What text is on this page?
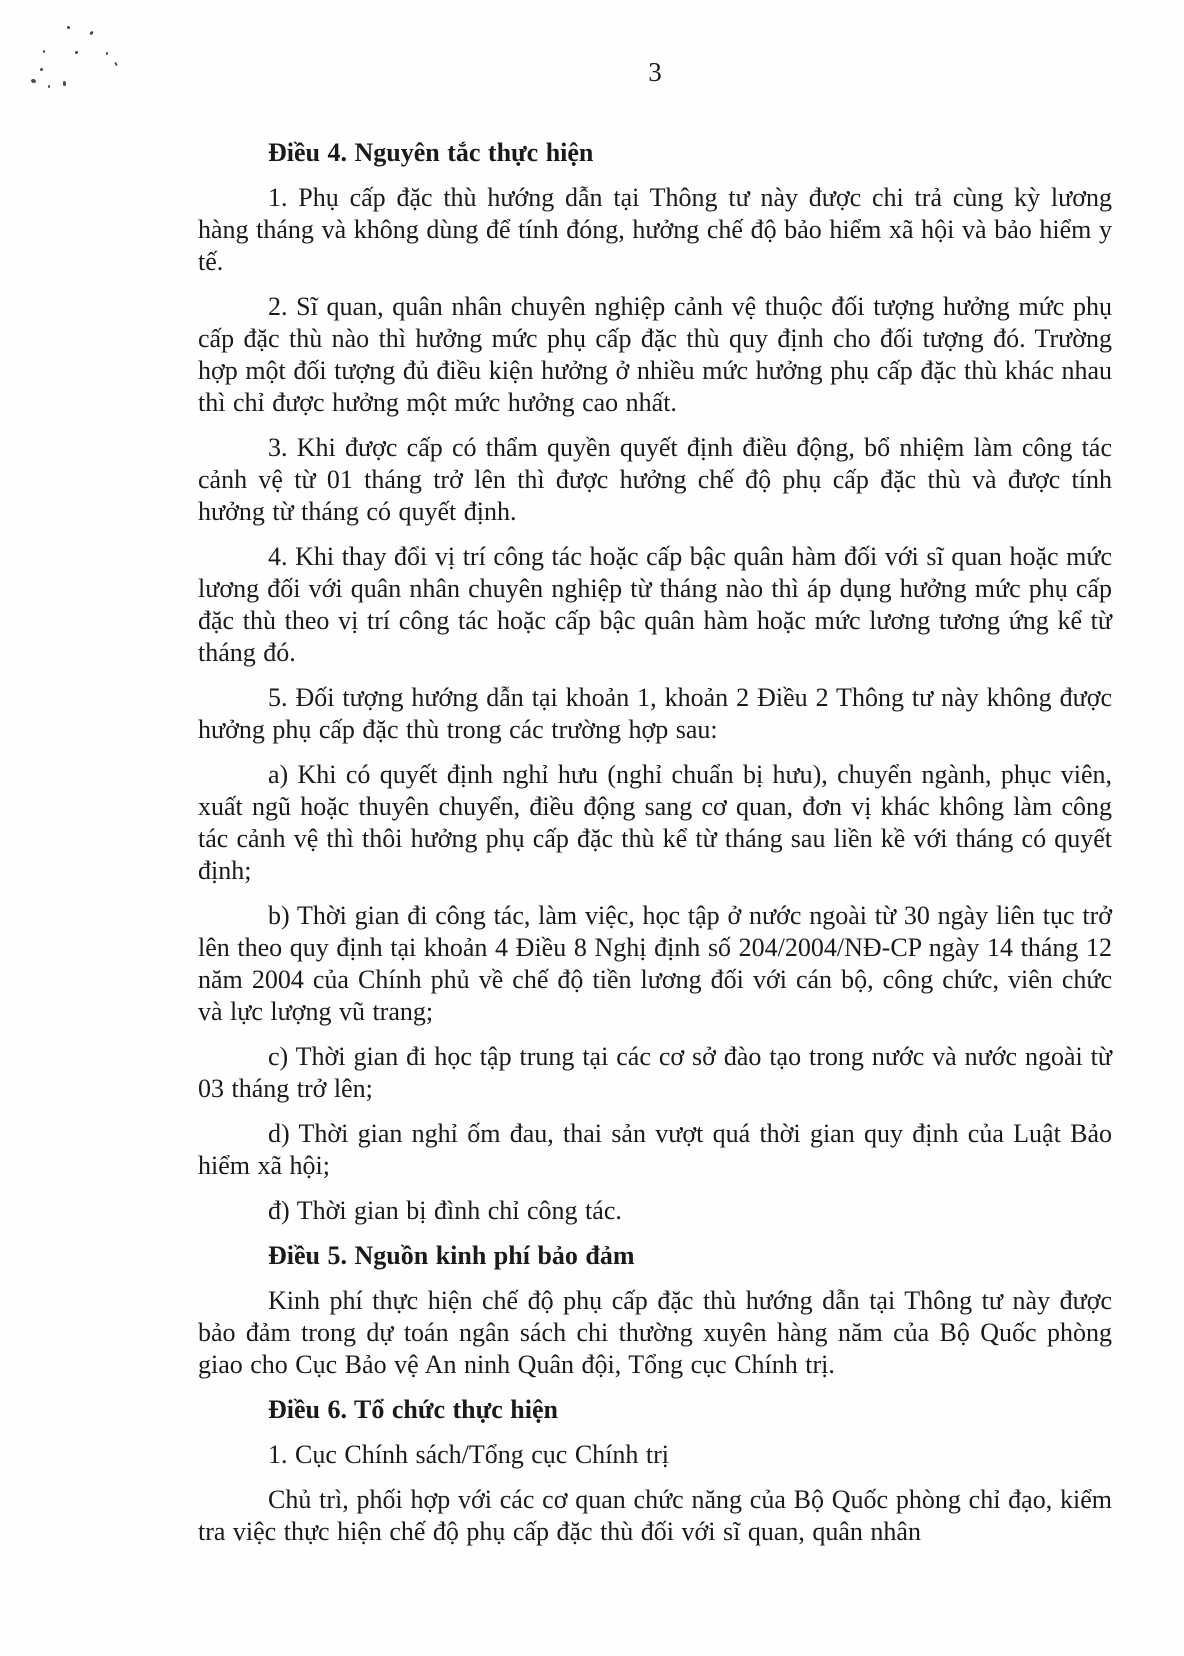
3
Điều 4. Nguyên tắc thực hiện

1. Phụ cấp đặc thù hướng dẫn tại Thông tư này được chi trả cùng kỳ lương hàng tháng và không dùng để tính đóng, hưởng chế độ bảo hiểm xã hội và bảo hiểm y tế.

2. Sĩ quan, quân nhân chuyên nghiệp cảnh vệ thuộc đối tượng hưởng mức phụ cấp đặc thù nào thì hưởng mức phụ cấp đặc thù quy định cho đối tượng đó. Trường hợp một đối tượng đủ điều kiện hưởng ở nhiều mức hưởng phụ cấp đặc thù khác nhau thì chỉ được hưởng một mức hưởng cao nhất.

3. Khi được cấp có thẩm quyền quyết định điều động, bổ nhiệm làm công tác cảnh vệ từ 01 tháng trở lên thì được hưởng chế độ phụ cấp đặc thù và được tính hưởng từ tháng có quyết định.

4. Khi thay đổi vị trí công tác hoặc cấp bậc quân hàm đối với sĩ quan hoặc mức lương đối với quân nhân chuyên nghiệp từ tháng nào thì áp dụng hưởng mức phụ cấp đặc thù theo vị trí công tác hoặc cấp bậc quân hàm hoặc mức lương tương ứng kể từ tháng đó.

5. Đối tượng hướng dẫn tại khoản 1, khoản 2 Điều 2 Thông tư này không được hưởng phụ cấp đặc thù trong các trường hợp sau:

a) Khi có quyết định nghỉ hưu (nghỉ chuẩn bị hưu), chuyển ngành, phục viên, xuất ngũ hoặc thuyên chuyển, điều động sang cơ quan, đơn vị khác không làm công tác cảnh vệ thì thôi hưởng phụ cấp đặc thù kể từ tháng sau liền kề với tháng có quyết định;

b) Thời gian đi công tác, làm việc, học tập ở nước ngoài từ 30 ngày liên tục trở lên theo quy định tại khoản 4 Điều 8 Nghị định số 204/2004/NĐ-CP ngày 14 tháng 12 năm 2004 của Chính phủ về chế độ tiền lương đối với cán bộ, công chức, viên chức và lực lượng vũ trang;

c) Thời gian đi học tập trung tại các cơ sở đào tạo trong nước và nước ngoài từ 03 tháng trở lên;

d) Thời gian nghỉ ốm đau, thai sản vượt quá thời gian quy định của Luật Bảo hiểm xã hội;

đ) Thời gian bị đình chỉ công tác.

Điều 5. Nguồn kinh phí bảo đảm

Kinh phí thực hiện chế độ phụ cấp đặc thù hướng dẫn tại Thông tư này được bảo đảm trong dự toán ngân sách chi thường xuyên hàng năm của Bộ Quốc phòng giao cho Cục Bảo vệ An ninh Quân đội, Tổng cục Chính trị.

Điều 6. Tổ chức thực hiện

1. Cục Chính sách/Tổng cục Chính trị

Chủ trì, phối hợp với các cơ quan chức năng của Bộ Quốc phòng chỉ đạo, kiểm tra việc thực hiện chế độ phụ cấp đặc thù đối với sĩ quan, quân nhân
